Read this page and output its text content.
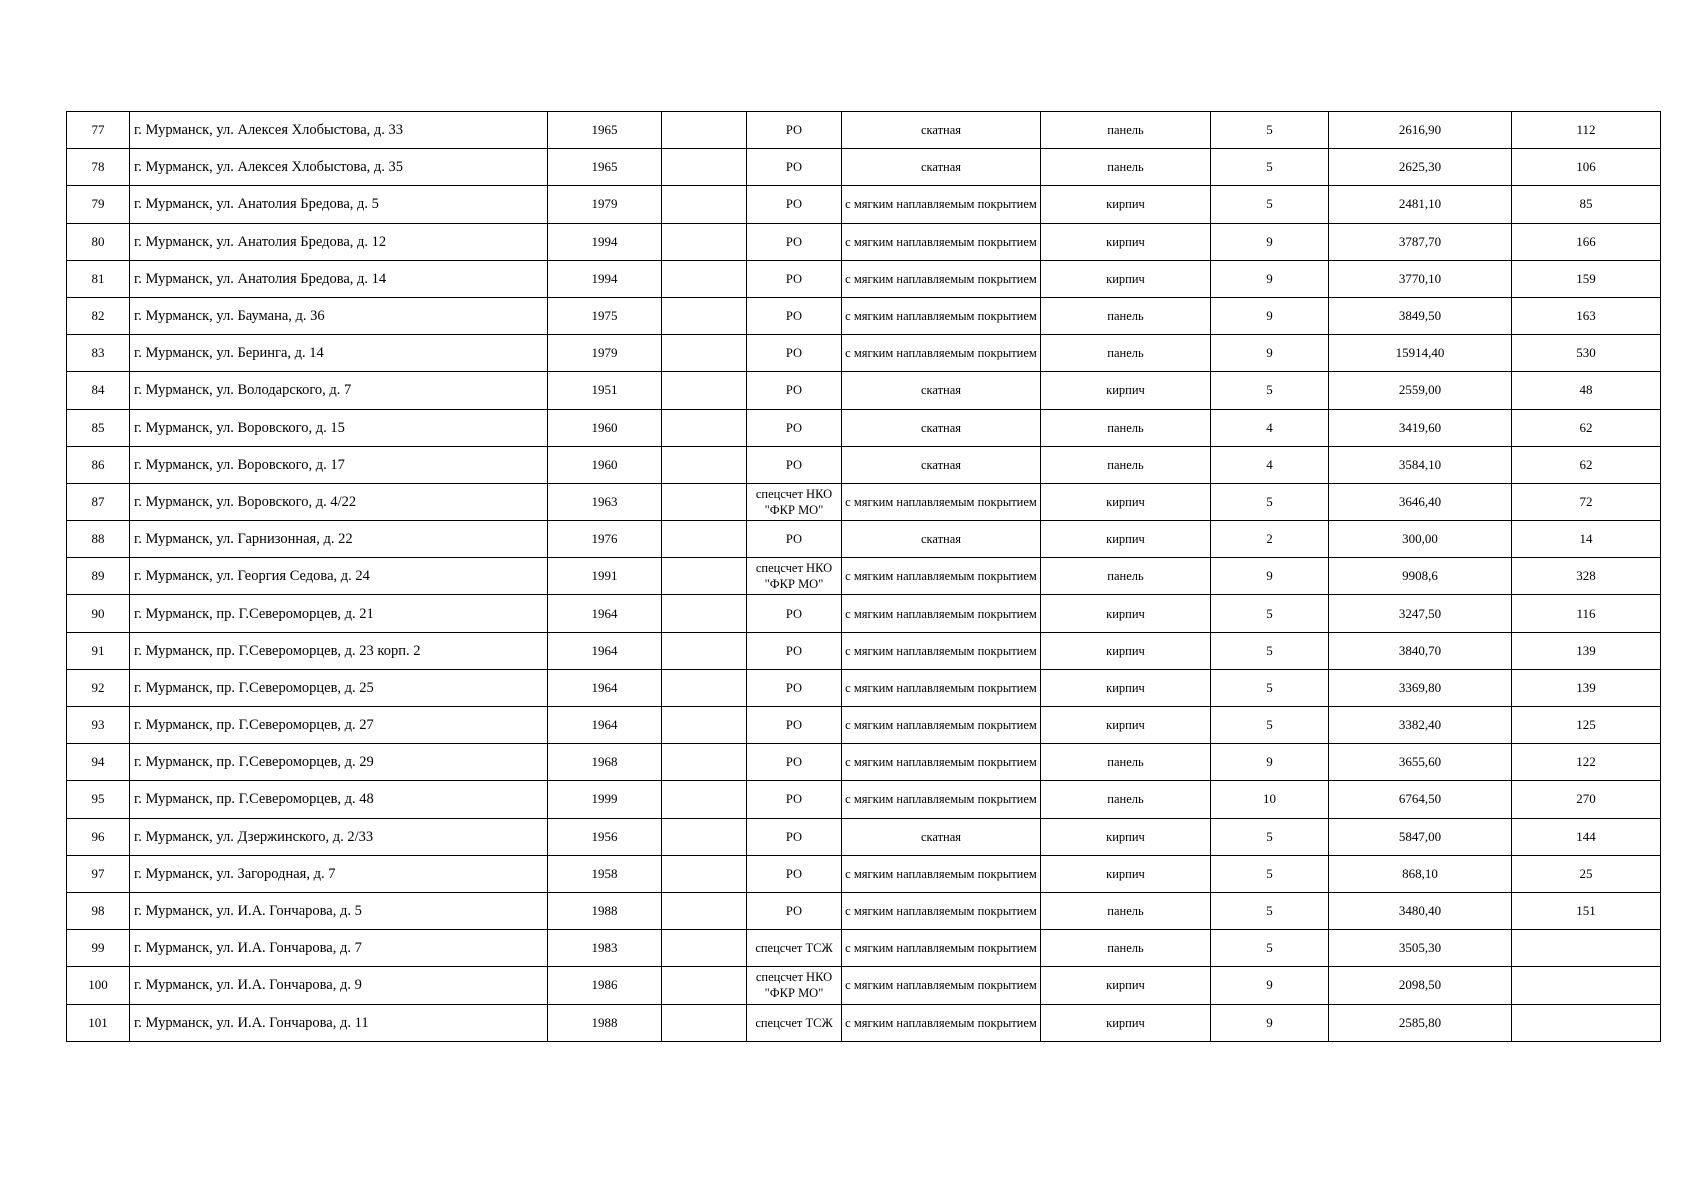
77	г. Мурманск, ул. Алексея Хлобыстова, д. 33	1965		РО	скатная	панель	5	2616,90	112
78	г. Мурманск, ул. Алексея Хлобыстова, д. 35	1965		РО	скатная	панель	5	2625,30	106
79	г. Мурманск, ул. Анатолия Бредова, д. 5	1979		РО	с мягким наплавляемым покрытием	кирпич	5	2481,10	85
80	г. Мурманск, ул. Анатолия Бредова, д. 12	1994		РО	с мягким наплавляемым покрытием	кирпич	9	3787,70	166
81	г. Мурманск, ул. Анатолия Бредова, д. 14	1994		РО	с мягким наплавляемым покрытием	кирпич	9	3770,10	159
82	г. Мурманск, ул. Баумана, д. 36	1975		РО	с мягким наплавляемым покрытием	панель	9	3849,50	163
83	г. Мурманск, ул. Беринга, д. 14	1979		РО	с мягким наплавляемым покрытием	панель	9	15914,40	530
84	г. Мурманск, ул. Володарского, д. 7	1951		РО	скатная	кирпич	5	2559,00	48
85	г. Мурманск, ул. Воровского, д. 15	1960		РО	скатная	панель	4	3419,60	62
86	г. Мурманск, ул. Воровского, д. 17	1960		РО	скатная	панель	4	3584,10	62
87	г. Мурманск, ул. Воровского, д. 4/22	1963		спецсчет НКО "ФКР МО"	с мягким наплавляемым покрытием	кирпич	5	3646,40	72
88	г. Мурманск, ул. Гарнизонная, д. 22	1976		РО	скатная	кирпич	2	300,00	14
89	г. Мурманск, ул. Георгия Седова, д. 24	1991		спецсчет НКО "ФКР МО"	с мягким наплавляемым покрытием	панель	9	9908,6	328
90	г. Мурманск, пр. Г.Североморцев, д. 21	1964		РО	с мягким наплавляемым покрытием	кирпич	5	3247,50	116
91	г. Мурманск, пр. Г.Североморцев, д. 23 корп. 2	1964		РО	с мягким наплавляемым покрытием	кирпич	5	3840,70	139
92	г. Мурманск, пр. Г.Североморцев, д. 25	1964		РО	с мягким наплавляемым покрытием	кирпич	5	3369,80	139
93	г. Мурманск, пр. Г.Североморцев, д. 27	1964		РО	с мягким наплавляемым покрытием	кирпич	5	3382,40	125
94	г. Мурманск, пр. Г.Североморцев, д. 29	1968		РО	с мягким наплавляемым покрытием	панель	9	3655,60	122
95	г. Мурманск, пр. Г.Североморцев, д. 48	1999		РО	с мягким наплавляемым покрытием	панель	10	6764,50	270
96	г. Мурманск, ул. Дзержинского, д. 2/33	1956		РО	скатная	кирпич	5	5847,00	144
97	г. Мурманск, ул. Загородная, д. 7	1958		РО	с мягким наплавляемым покрытием	кирпич	5	868,10	25
98	г. Мурманск, ул. И.А. Гончарова, д. 5	1988		РО	с мягким наплавляемым покрытием	панель	5	3480,40	151
99	г. Мурманск, ул. И.А. Гончарова, д. 7	1983		спецсчет ТСЖ	с мягким наплавляемым покрытием	панель	5	3505,30	
100	г. Мурманск, ул. И.А. Гончарова, д. 9	1986		спецсчет НКО "ФКР МО"	с мягким наплавляемым покрытием	кирпич	9	2098,50	
101	г. Мурманск, ул. И.А. Гончарова, д. 11	1988		спецсчет ТСЖ	с мягким наплавляемым покрытием	кирпич	9	2585,80	
